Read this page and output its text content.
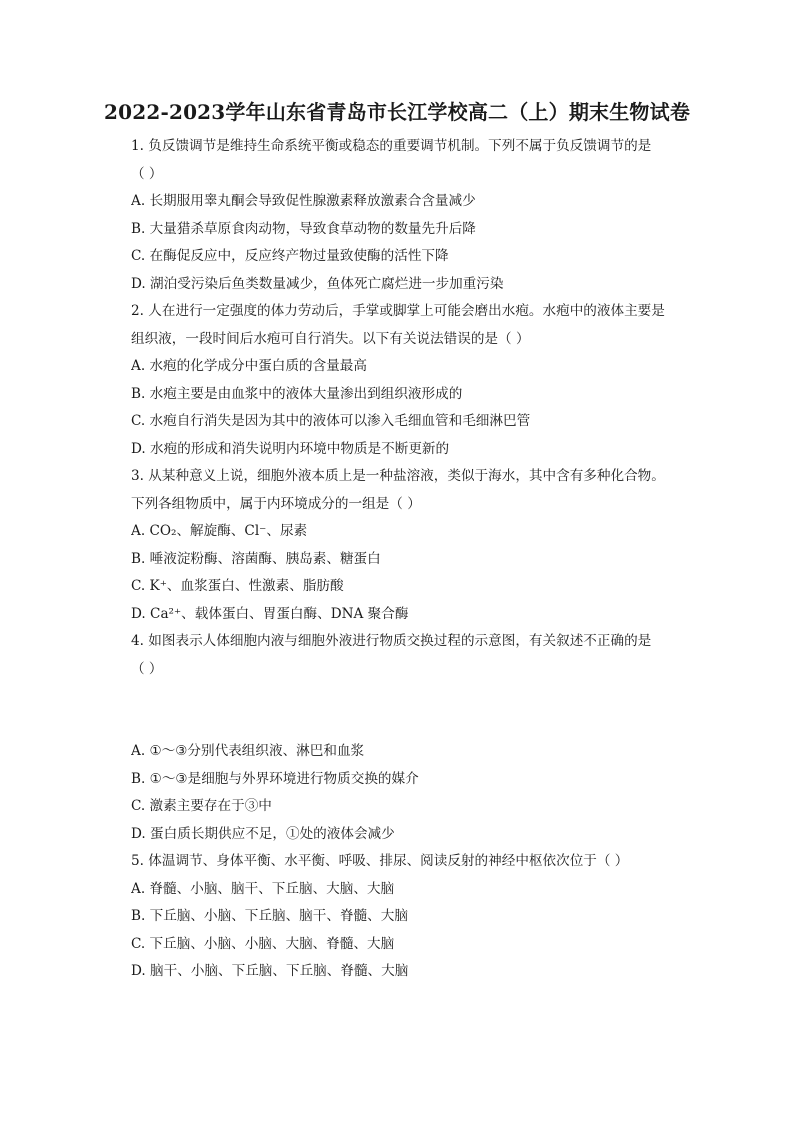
2022-2023学年山东省青岛市长江学校高二（上）期末生物试卷
1. 负反馈调节是维持生命系统平衡或稳态的重要调节机制。下列不属于负反馈调节的是
（ ）
A. 长期服用睾丸酮会导致促性腺激素释放激素合含量减少
B. 大量猎杀草原食肉动物，导致食草动物的数量先升后降
C. 在酶促反应中，反应终产物过量致使酶的活性下降
D. 湖泊受污染后鱼类数量减少，鱼体死亡腐烂进一步加重污染
2. 人在进行一定强度的体力劳动后，手掌或脚掌上可能会磨出水疱。水疱中的液体主要是
组织液，一段时间后水疱可自行消失。以下有关说法错误的是（ ）
A. 水疱的化学成分中蛋白质的含量最高
B. 水疱主要是由血浆中的液体大量渗出到组织液形成的
C. 水疱自行消失是因为其中的液体可以渗入毛细血管和毛细淋巴管
D. 水疱的形成和消失说明内环境中物质是不断更新的
3. 从某种意义上说，细胞外液本质上是一种盐溶液，类似于海水，其中含有多种化合物。
下列各组物质中，属于内环境成分的一组是（ ）
A. CO₂、解旋酶、Cl⁻、尿素
B. 唾液淀粉酶、溶菌酶、胰岛素、糖蛋白
C. K⁺、血浆蛋白、性激素、脂肪酸
D. Ca²⁺、载体蛋白、胃蛋白酶、DNA 聚合酶
4. 如图表示人体细胞内液与细胞外液进行物质交换过程的示意图，有关叙述不正确的是
（ ）
A. ①～③分别代表组织液、淋巴和血浆
B. ①～③是细胞与外界环境进行物质交换的媒介
C. 激素主要存在于③中
D. 蛋白质长期供应不足，①处的液体会减少
5. 体温调节、身体平衡、水平衡、呼吸、排尿、阅读反射的神经中枢依次位于（ ）
A. 脊髓、小脑、脑干、下丘脑、大脑、大脑
B. 下丘脑、小脑、下丘脑、脑干、脊髓、大脑
C. 下丘脑、小脑、小脑、大脑、脊髓、大脑
D. 脑干、小脑、下丘脑、下丘脑、脊髓、大脑
